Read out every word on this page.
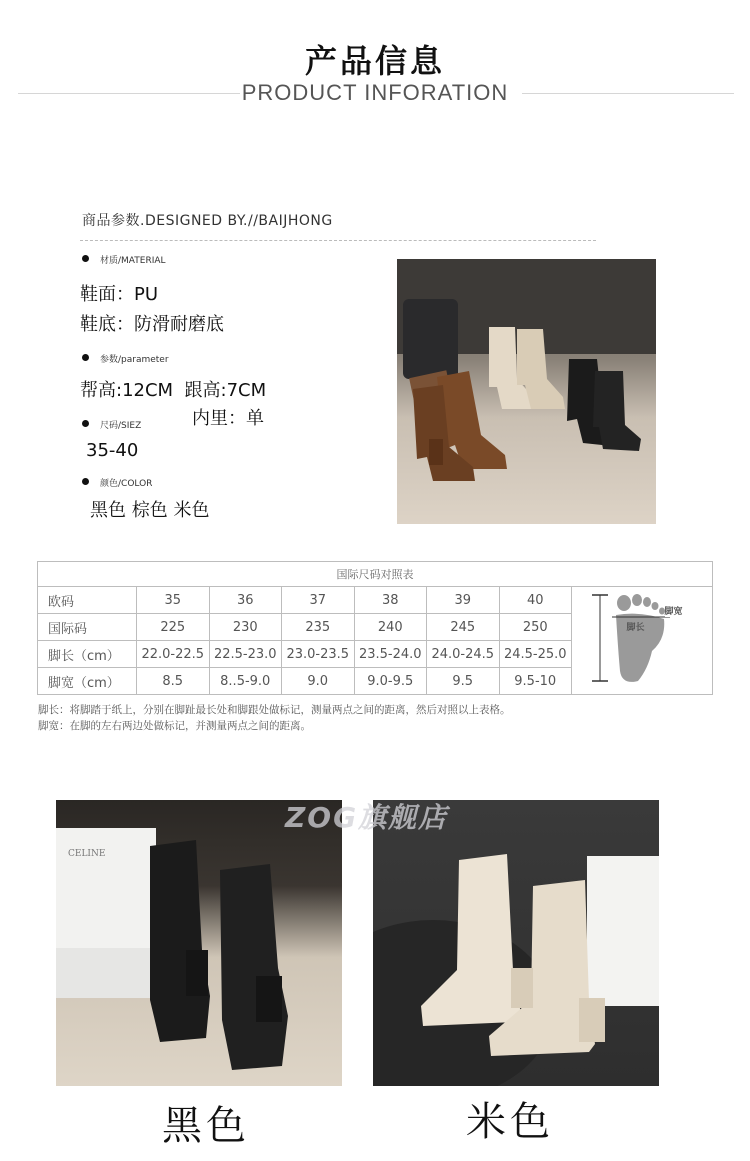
产品信息
PRODUCT INFORATION
商品参数.DESIGNED BY.//BAIJHONG
材质/MATERIAL
鞋面：PU
鞋底：防滑耐磨底
参数/parameter
帮高:12CM  跟高:7CM
内里：单
尺码/SIEZ
35-40
颜色/COLOR
黑色 棕色 米色
国际尺码对照表							
欧码	35	36	37	38	39	40	脚长
脚宽

国际码	225	230	235	240	245	250	
脚长（cm）	22.0-22.5	22.5-23.0	23.0-23.5	23.5-24.0	24.0-24.5	24.5-25.0	
脚宽（cm）	8.5	8..5-9.0	9.0	9.0-9.5	9.5	9.5-10	
脚长：将脚踏于纸上，分别在脚趾最长处和脚跟处做标记，测量两点之间的距离，然后对照以上表格。
脚宽：在脚的左右两边处做标记，并测量两点之间的距离。
CELINE
ZOG旗舰店
黑色	米色
